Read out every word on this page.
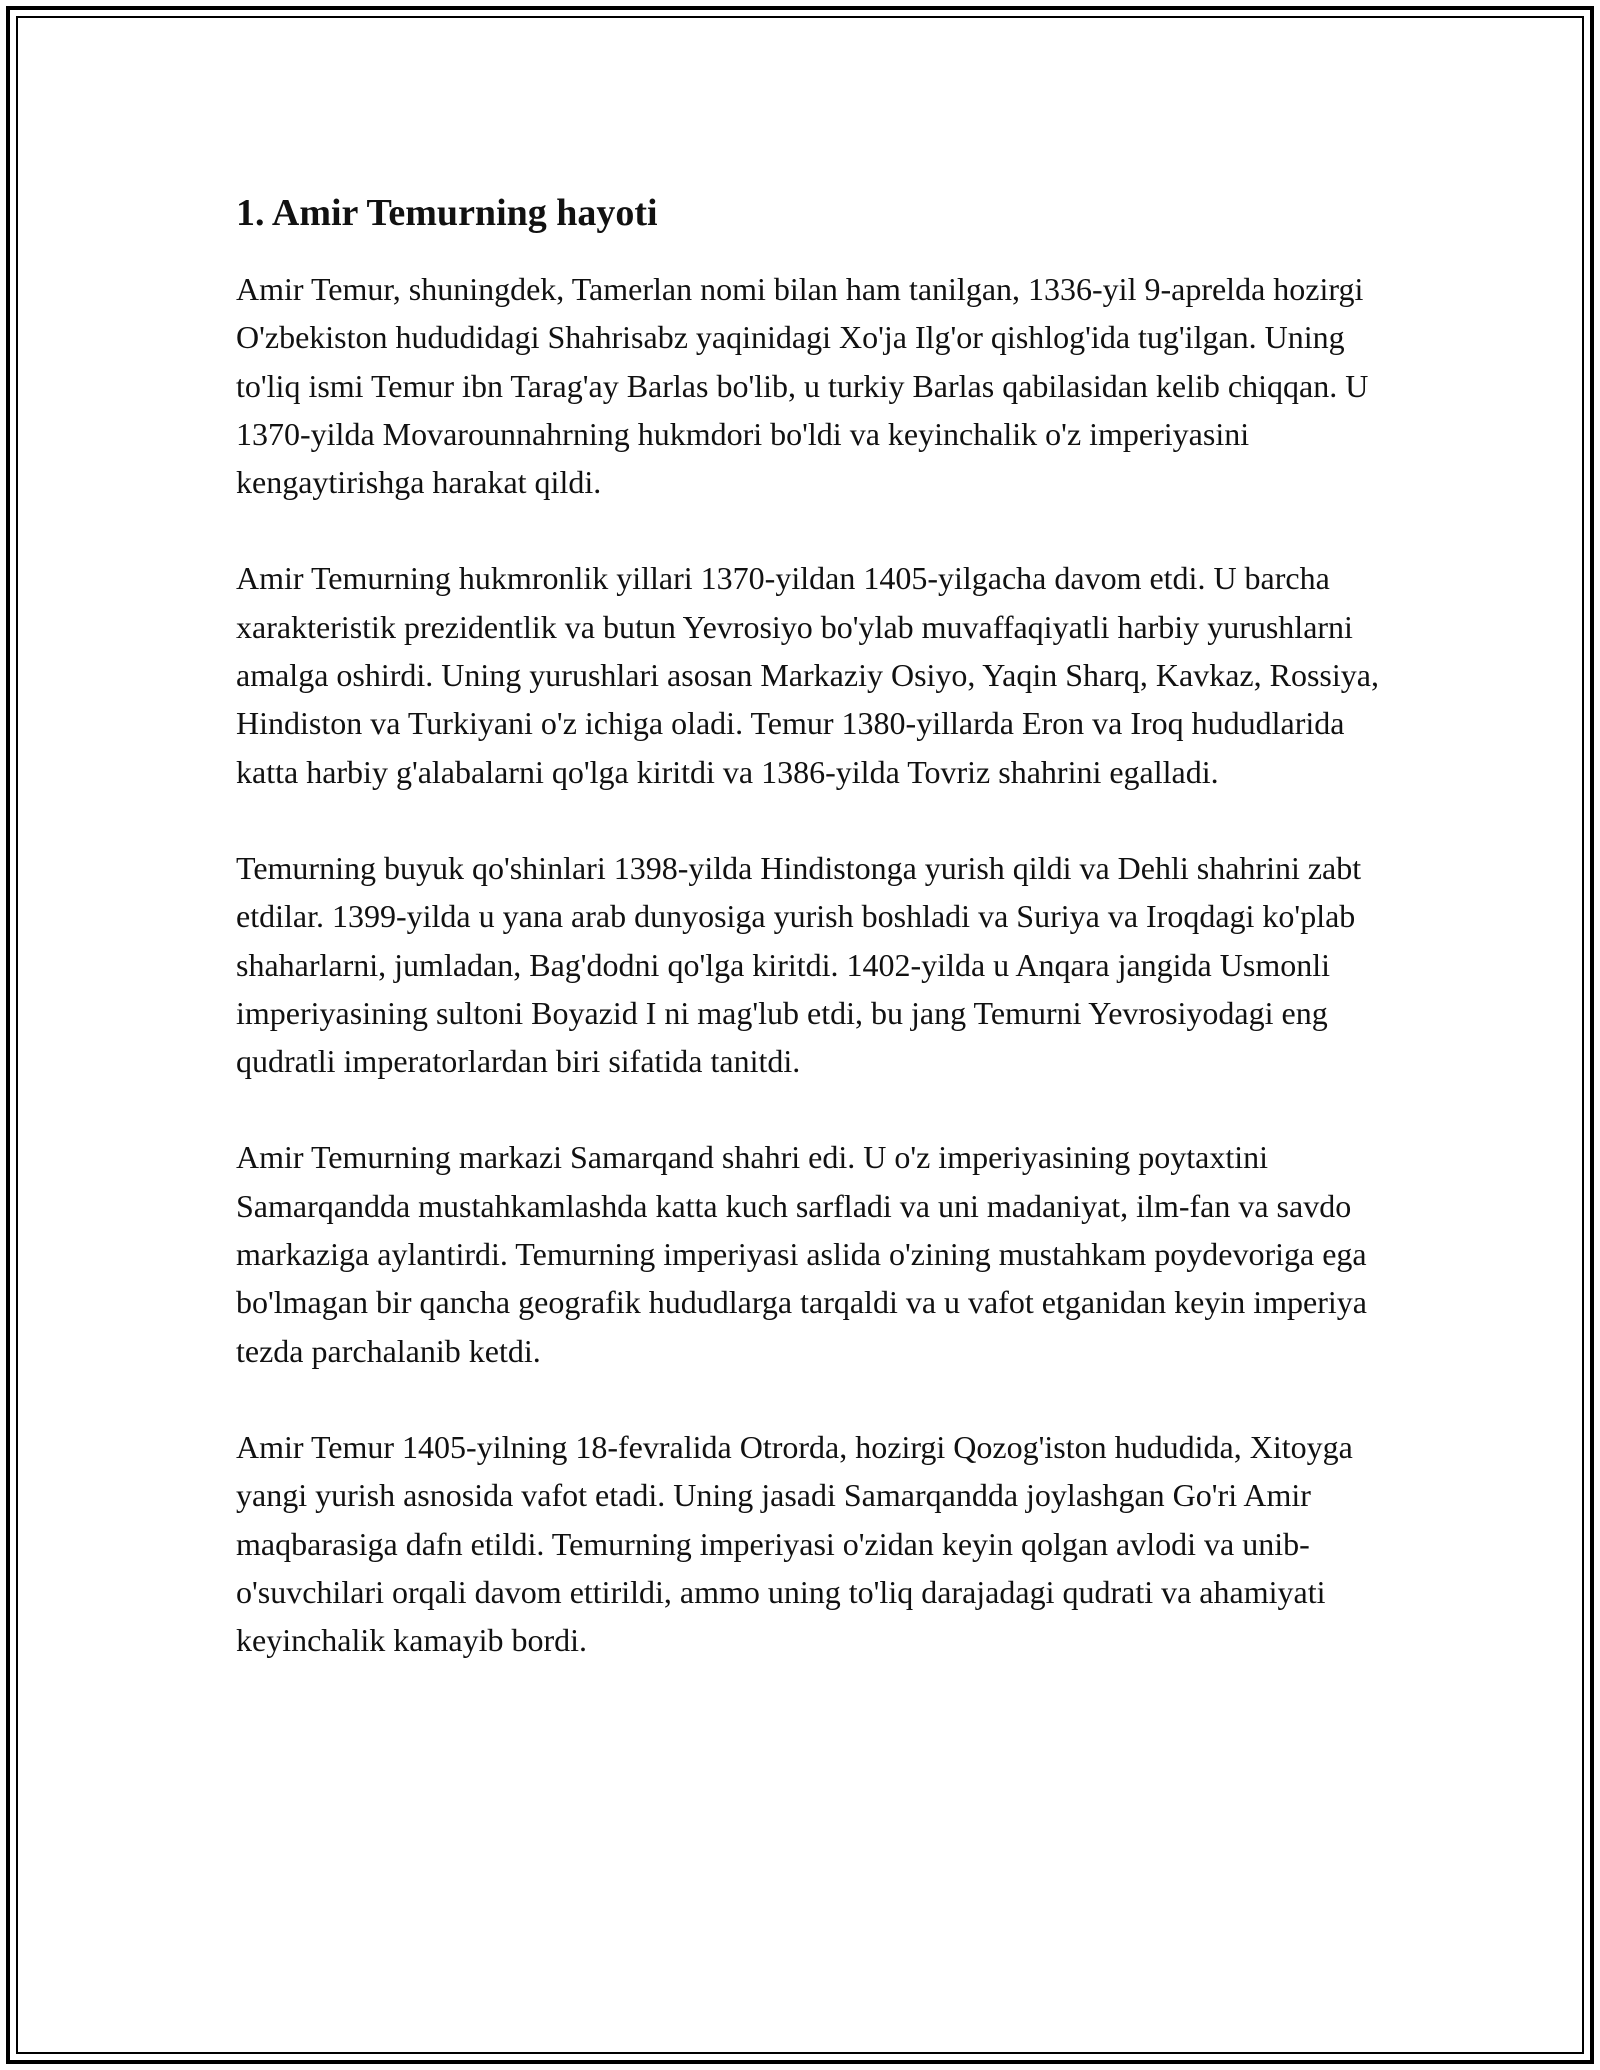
1. Amir Temurning hayoti

Amir Temur, shuningdek, Tamerlan nomi bilan ham tanilgan, 1336-yil 9-aprelda hozirgi O'zbekiston hududidagi Shahrisabz yaqinidagi Xo'ja Ilg'or qishlog'ida tug'ilgan. Uning to'liq ismi Temur ibn Tarag'ay Barlas bo'lib, u turkiy Barlas qabilasidan kelib chiqqan. U 1370-yilda Movarounnahrning hukmdori bo'ldi va keyinchalik o'z imperiyasini kengaytirishga harakat qildi.

Amir Temurning hukmronlik yillari 1370-yildan 1405-yilgacha davom etdi. U barcha xarakteristik prezidentlik va butun Yevrosiyo bo'ylab muvaffaqiyatli harbiy yurushlarni amalga oshirdi. Uning yurushlari asosan Markaziy Osiyo, Yaqin Sharq, Kavkaz, Rossiya, Hindiston va Turkiyani o'z ichiga oladi. Temur 1380-yillarda Eron va Iroq hududlarida katta harbiy g'alabalarni qo'lga kiritdi va 1386-yilda Tovriz shahrini egalladi.

Temurning buyuk qo'shinlari 1398-yilda Hindistonga yurish qildi va Dehli shahrini zabt etdilar. 1399-yilda u yana arab dunyosiga yurish boshladi va Suriya va Iroqdagi ko'plab shaharlarni, jumladan, Bag'dodni qo'lga kiritdi. 1402-yilda u Anqara jangida Usmonli imperiyasining sultoni Boyazid I ni mag'lub etdi, bu jang Temurni Yevrosiyodagi eng qudratli imperatorlardan biri sifatida tanitdi.

Amir Temurning markazi Samarqand shahri edi. U o'z imperiyasining poytaxtini Samarqandda mustahkamlashda katta kuch sarfladi va uni madaniyat, ilm-fan va savdo markaziga aylantirdi. Temurning imperiyasi aslida o'zining mustahkam poydevoriga ega bo'lmagan bir qancha geografik hududlarga tarqaldi va u vafot etganidan keyin imperiya tezda parchalanib ketdi.

Amir Temur 1405-yilning 18-fevralida Otrorda, hozirgi Qozog'iston hududida, Xitoyga yangi yurish asnosida vafot etadi. Uning jasadi Samarqandda joylashgan Go'ri Amir maqbarasiga dafn etildi. Temurning imperiyasi o'zidan keyin qolgan avlodi va unib-o'suvchilari orqali davom ettirildi, ammo uning to'liq darajadagi qudrati va ahamiyati keyinchalik kamayib bordi.
